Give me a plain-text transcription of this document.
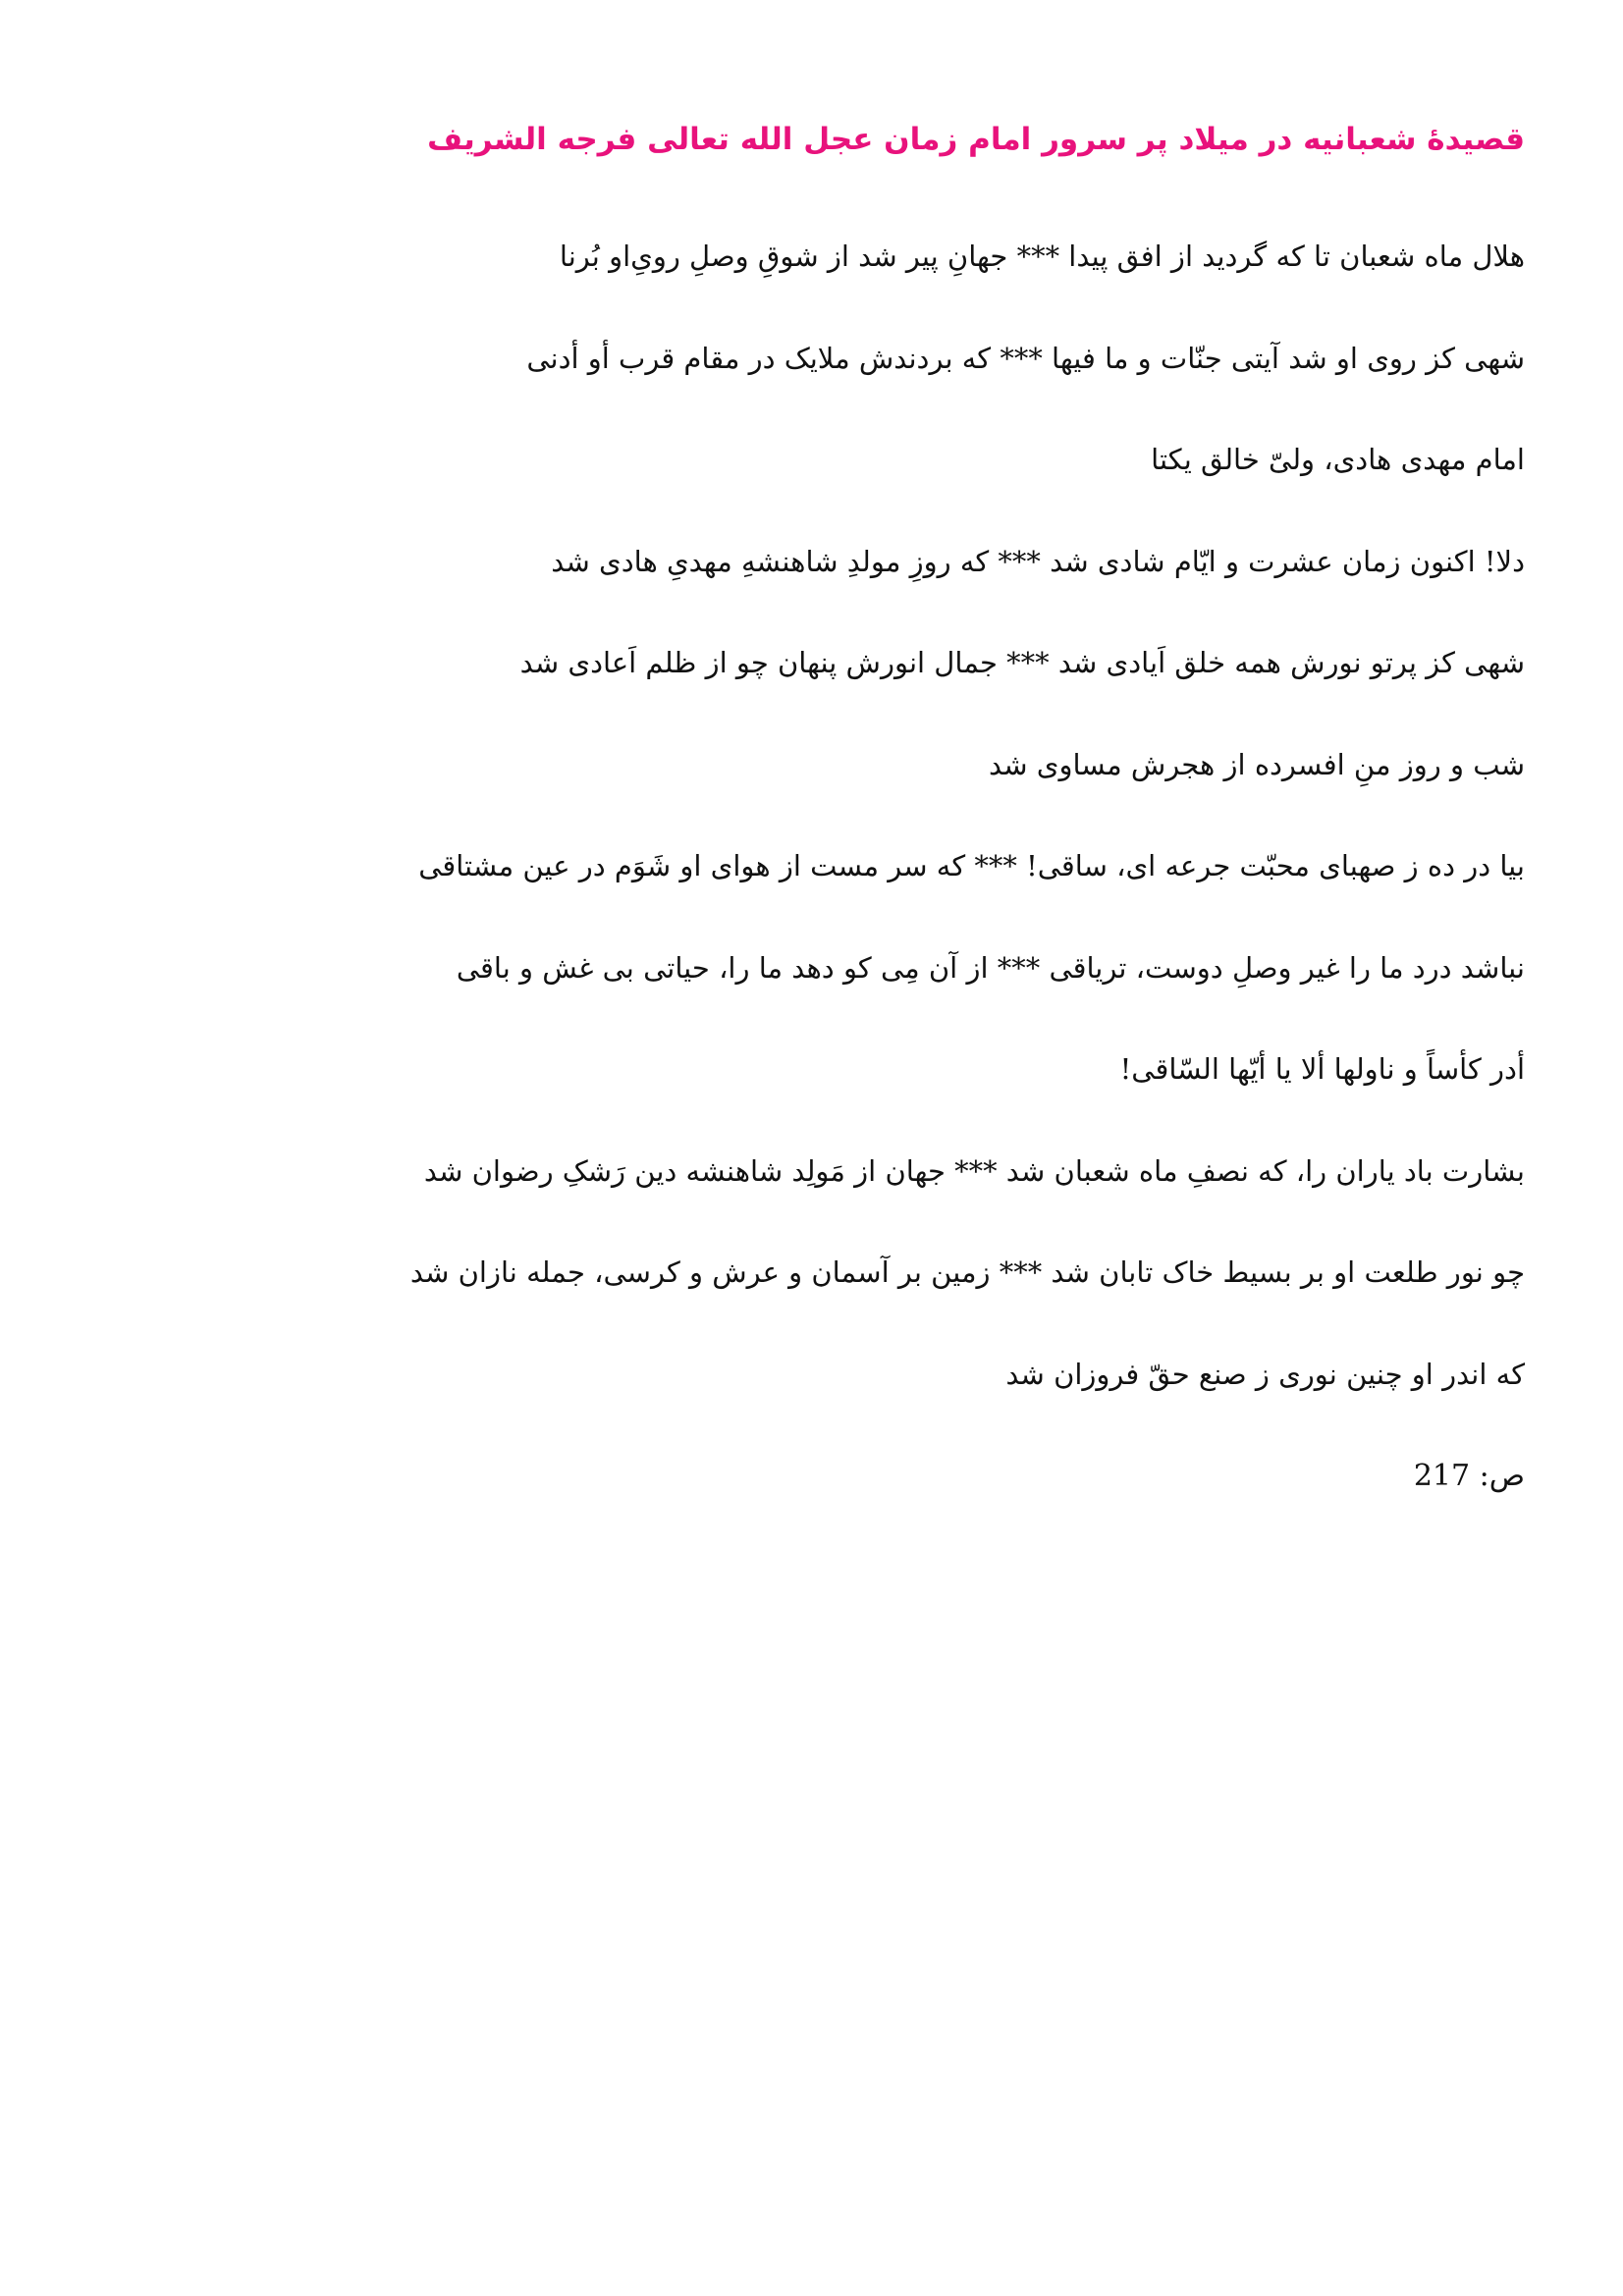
قصیدۀ شعبانیه در میلاد پر سرور امام زمان عجل الله تعالی فرجه الشریف

هلال ماه شعبان تا که گردید از افق پیدا *** جهانِ پیر شد از شوقِ وصلِ رویِ‌او بُرنا

شهی کز روی او شد آیتی جنّات و ما فیها *** که بردندش ملایک در مقام قرب أو أدنی

امام مهدی هادی، ولیّ خالق یکتا

دلا! اکنون زمان عشرت و ایّام شادی شد *** که روزِ مولدِ شاهنشهِ مهدیِ هادی شد

شهی کز پرتو نورش همه خلق اَیادی شد *** جمال انورش پنهان چو از ظلم اَعادی شد

شب و روز منِ افسرده از هجرش مساوی شد

بیا در ده ز صهبای محبّت جرعه ای، ساقی! *** که سر مست از هوای او شَوَم در عین مشتاقی

نباشد درد ما را غیر وصلِ دوست، تریاقی *** از آن مِی کو دهد ما را، حیاتی بی غش و باقی

أدر کأساً و ناولها ألا یا أیّها السّاقی!

بشارت باد یاران را، که نصفِ ماه شعبان شد *** جهان از مَولِد شاهنشه دین رَشکِ رضوان شد

چو نور طلعت او بر بسیط خاک تابان شد *** زمین بر آسمان و عرش و کرسی، جمله نازان شد

که اندر او چنین نوری ز صنع حقّ فروزان شد

ص: 217
